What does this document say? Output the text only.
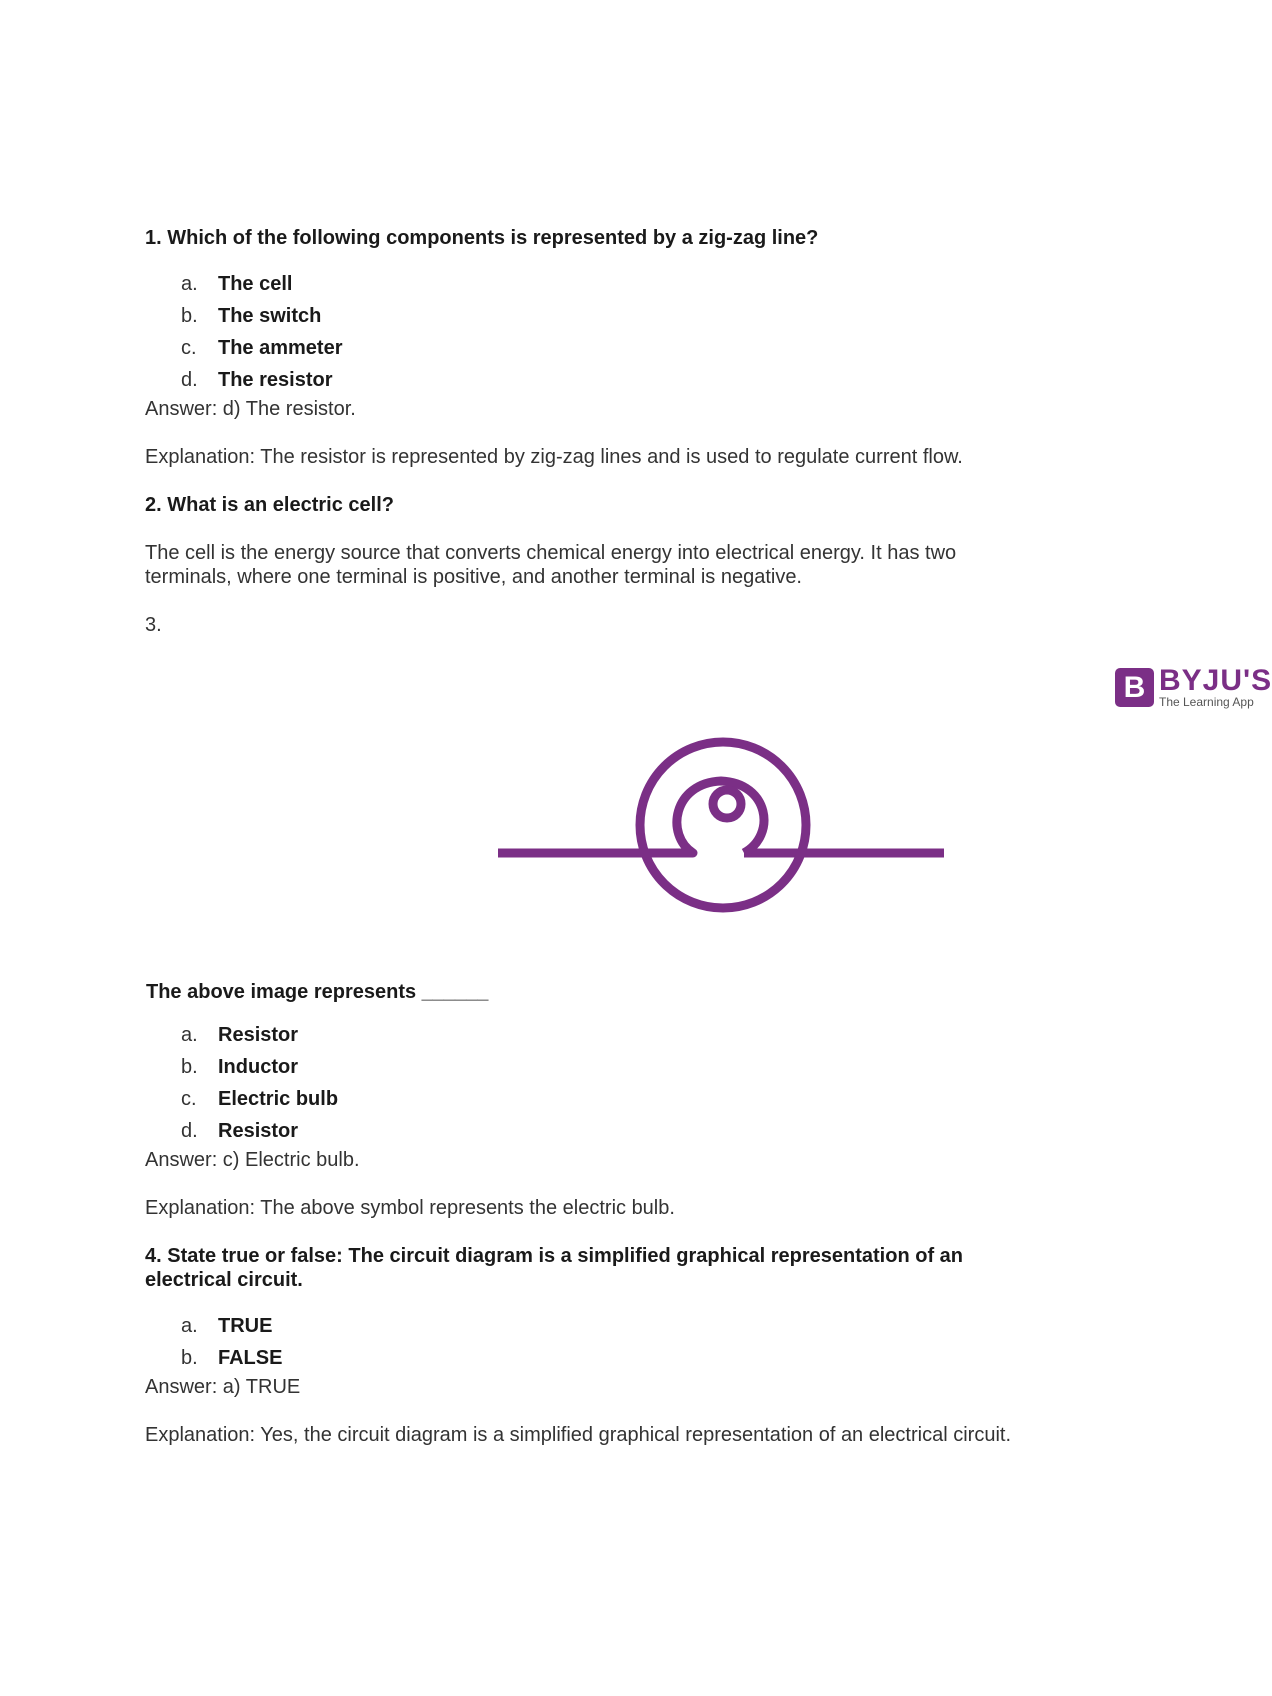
B BYJU'S
The Learning App

1. Which of the following components is represented by a zig-zag line?

a.	The cell
b.	The switch
c.	The ammeter
d.	The resistor

Answer: d) The resistor.

Explanation: The resistor is represented by zig-zag lines and is used to regulate current flow.

2. What is an electric cell?

The cell is the energy source that converts chemical energy into electrical energy. It has two terminals, where one terminal is positive, and another terminal is negative.

3.

The above image represents ______

a.	Resistor
b.	Inductor
c.	Electric bulb
d.	Resistor

Answer: c) Electric bulb.

Explanation: The above symbol represents the electric bulb.

4. State true or false: The circuit diagram is a simplified graphical representation of an electrical circuit.

a.	TRUE
b.	FALSE

Answer: a) TRUE

Explanation: Yes, the circuit diagram is a simplified graphical representation of an electrical circuit.
